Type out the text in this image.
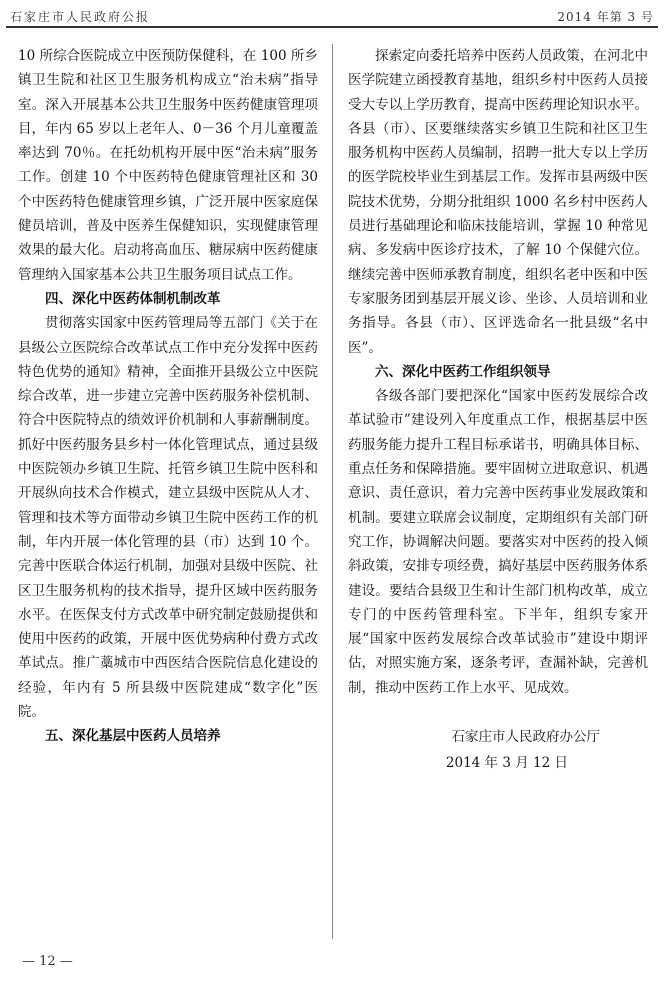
石家庄市人民政府公报	2014 年第 3 号

10 所综合医院成立中医预防保健科，在 100 所乡镇卫生院和社区卫生服务机构成立“治未病”指导室。深入开展基本公共卫生服务中医药健康管理项目，年内 65 岁以上老年人、0－36 个月儿童覆盖率达到 70％。在托幼机构开展中医“治未病”服务工作。创建 10 个中医药特色健康管理社区和 30 个中医药特色健康管理乡镇，广泛开展中医家庭保健员培训，普及中医养生保健知识，实现健康管理效果的最大化。启动将高血压、糖尿病中医药健康管理纳入国家基本公共卫生服务项目试点工作。

四、深化中医药体制机制改革

贯彻落实国家中医药管理局等五部门《关于在县级公立医院综合改革试点工作中充分发挥中医药特色优势的通知》精神，全面推开县级公立中医院综合改革，进一步建立完善中医药服务补偿机制、符合中医院特点的绩效评价机制和人事薪酬制度。抓好中医药服务县乡村一体化管理试点，通过县级中医院领办乡镇卫生院、托管乡镇卫生院中医科和开展纵向技术合作模式，建立县级中医院从人才、管理和技术等方面带动乡镇卫生院中医药工作的机制，年内开展一体化管理的县（市）达到 10 个。完善中医联合体运行机制，加强对县级中医院、社区卫生服务机构的技术指导，提升区域中医药服务水平。在医保支付方式改革中研究制定鼓励提供和使用中医药的政策，开展中医优势病种付费方式改革试点。推广藁城市中西医结合医院信息化建设的经验，年内有 5 所县级中医院建成“数字化”医院。

五、深化基层中医药人员培养

探索定向委托培养中医药人员政策，在河北中医学院建立函授教育基地，组织乡村中医药人员接受大专以上学历教育，提高中医药理论知识水平。各县（市）、区要继续落实乡镇卫生院和社区卫生服务机构中医药人员编制，招聘一批大专以上学历的医学院校毕业生到基层工作。发挥市县两级中医院技术优势，分期分批组织 1000 名乡村中医药人员进行基础理论和临床技能培训，掌握 10 种常见病、多发病中医诊疗技术，了解 10 个保健穴位。继续完善中医师承教育制度，组织名老中医和中医专家服务团到基层开展义诊、坐诊、人员培训和业务指导。各县（市）、区评选命名一批县级“名中医”。

六、深化中医药工作组织领导

各级各部门要把深化“国家中医药发展综合改革试验市”建设列入年度重点工作，根据基层中医药服务能力提升工程目标承诺书，明确具体目标、重点任务和保障措施。要牢固树立进取意识、机遇意识、责任意识，着力完善中医药事业发展政策和机制。要建立联席会议制度，定期组织有关部门研究工作，协调解决问题。要落实对中医药的投入倾斜政策，安排专项经费，搞好基层中医药服务体系建设。要结合县级卫生和计生部门机构改革，成立专门的中医药管理科室。下半年，组织专家开展“国家中医药发展综合改革试验市”建设中期评估，对照实施方案，逐条考评，查漏补缺，完善机制，推动中医药工作上水平、见成效。

石家庄市人民政府办公厅
2014 年 3 月 12 日
— 12 —
